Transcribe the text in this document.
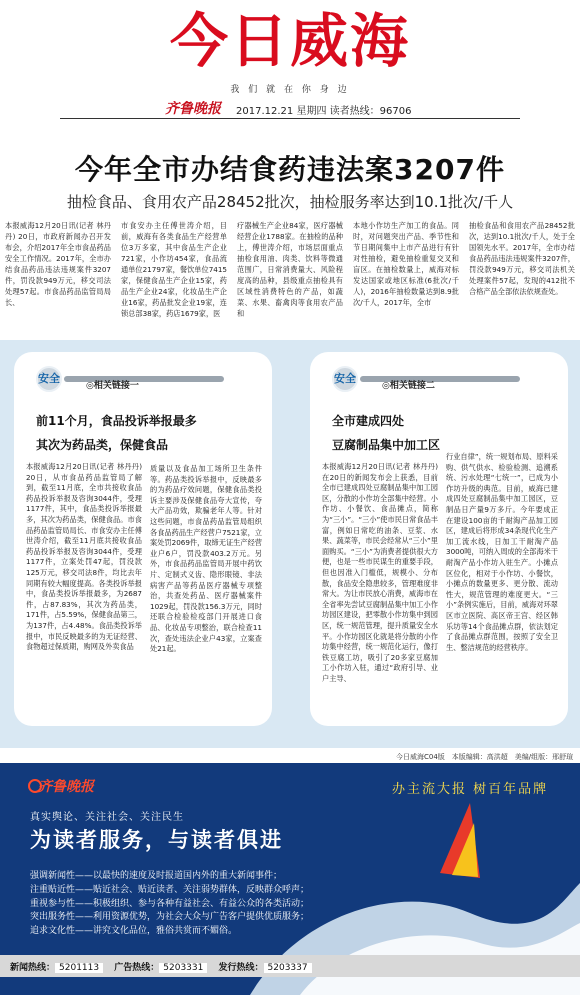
今日威海
我 们 就 在 你 身 边
齐鲁晚报 2017.12.21 星期四 读者热线：96706
今年全市办结食药违法案3207件
抽检食品、食用农产品28452批次，抽检服务率达到10.1批次/千人
本报威海12月20日讯(记者 林丹丹) 20日，市政府新闻办召开发布会，介绍2017年全市食品药品安全工作情况。2017年，全市办结食品药品违法违规案件3207件，罚没款949万元，移交司法处理57起。市食品药品监管局局长、
市食安办主任傅世涛介绍，目前，威海有各类食品生产经营单位3万多家，其中食品生产企业721家，小作坊454家，食品流通单位21797家，餐饮单位7415家，保健食品生产企业15家，药品生产企业24家，化妆品生产企业16家，药品批发企业19家，连锁总部38家，药店1679家，医
疗器械生产企业84家，医疗器械经营企业1788家。在抽检的品种上，傅世涛介绍，市场层面重点抽检食用油、肉类、饮料等微通范围广，日常消费量大、风险程度高的品种，县级重点抽检具有区域性消费特色的产品，如蔬菜、水果、畜禽肉等食用农产品和
本地小作坊生产加工的食品。同时，对问题突出产品、季节性和节日期间集中上市产品进行有针对性抽检，避免抽检重复交叉和盲区。在抽检数量上，威海对标发达国家或地区标准(6批次/千人)，2016年抽检数量达到8.9批次/千人，2017年，全市
抽检食品和食用农产品28452批次，达到10.1批次/千人，处于全国领先水平。2017年，全市办结食品药品违法违规案件3207件，罚没款949万元，移交司法机关处理案件57起，发现的412批不合格产品全部依法依规查处。
安全
◎相关链接一
前11个月，食品投诉举报最多
其次为药品类，保健食品
本报威海12月20日讯(记者 林丹丹) 20日，从市食品药品监管局了解到，截至11月底，全市共接收食品药品投诉举报及咨询3044件，受理1177件，其中，食品类投诉举报最多，其次为药品类，保健食品。市食品药品监管局局长、市食安办主任傅世涛介绍，截至11月底共接收食品药品投诉举报及咨询3044件，受理1177件，立案处罚47起，罚没款125万元，移交司法8件，均比去年同期有较大幅度提高。各类投诉举报中，食品类投诉举报最多，为2687件，占87.83%，其次为药品类，171件，占5.59%，保健食品第三，为137件，占4.48%。食品类投诉举报中，市民反映最多的为无证经营、食物超过保质期，购网及外卖食品
质量以及食品加工场所卫生条件等。药品类投诉举报中，反映最多的为药品疗效问题，保健食品类投诉主要涉及保健食品夸大宣传，夸大产品功效，欺骗老年人等。针对这些问题，市食品药品监管局组织各食品药品生产经营户7521家，立案处罚2069件，取缔无证生产经营业户6户，罚没款403.2万元。另外，市食品药品监管局开展中药饮片、定制式义齿、隐形眼镜、非法病害产品等药品医疗器械专项整治，共查处药品、医疗器械案件1029起，罚没款156.3万元，同时还联合检验检疫部门开展进口食品、化妆品专项整治，联合检查11次，查处违法企业户43家，立案查处21起。
安全
◎相关链接二
全市建成四处
豆腐制品集中加工区
本报威海12月20日讯(记者 林丹丹) 在20日的新闻发布会上获悉，目前全市已建成四处豆腐制品集中加工园区，分散的小作坊全部集中经营。小作坊、小餐饮、食品摊点，简称为“三小”。“三小”使市民日常食品丰富，例如日常吃的油条、豆浆、水果、蔬菜等，市民会经常从“三小”里面购买。“三小”为消费者提供很大方便，也是一些市民谋生的重要手段，但也因准入门槛低，规模小、分布散，食品安全隐患较多，管理难度非常大。为让市民放心消费，威海市在全省率先尝试豆腐制品集中加工小作坊园区建设，把零散小作坊集中到园区，统一规范管理，提升质量安全水平。小作坊园区化就是将分散的小作坊集中经营，统一规范化运行，像打铁豆腐工坊，吸引了20多家豆腐加工小作坊入驻，通过“政府引导、业户主导、
行业自律”，统一规划布局、原料采购、供气供水、检验检测、追溯系统、污水处理“七统一”，已成为小作坊升级的典范。目前，威海已建成四处豆腐制品集中加工园区，豆制品日产量9万多斤。今年要成正在建设100亩的千耐淘产品加工园区，建成后将形成34条现代化生产加工流水线，日加工干耐淘产品3000吨，可纳入周成的全部海米干耐淘产品小作坊入驻生产。小摊点区位化，相对于小作坊、小餐饮，小摊点的数量更多、更分散、流动性大，规范管理的难度更大。“三小”条例实施后，目前，威海对环翠区市立医院、高区帝王宫、经区韩乐坊等14个食品摊点群，依法划定了食品摊点群范围，按照了安全卫生、整洁规范的经营秩序。
今日威海C04版　本版编辑：高洪超　美编/组版：邢舒瑄
齐鲁晚报	办主流大报 树百年品牌
真实舆论、关注社会、关注民生
为读者服务，与读者俱进
强调新闻性——以最快的速度及时报道国内外的重大新闻事件；
注重贴近性——贴近社会、贴近读者、关注弱势群体，反映群众呼声；
重视参与性——积极组织、参与各种有益社会、有益公众的各类活动；
突出服务性——利用资源优势，为社会大众与广告客户提供优质服务；
追求文化性——讲究文化品位，雅俗共赏而不媚俗。
新闻热线： 5201113 广告热线： 5203331 发行热线： 5203337
